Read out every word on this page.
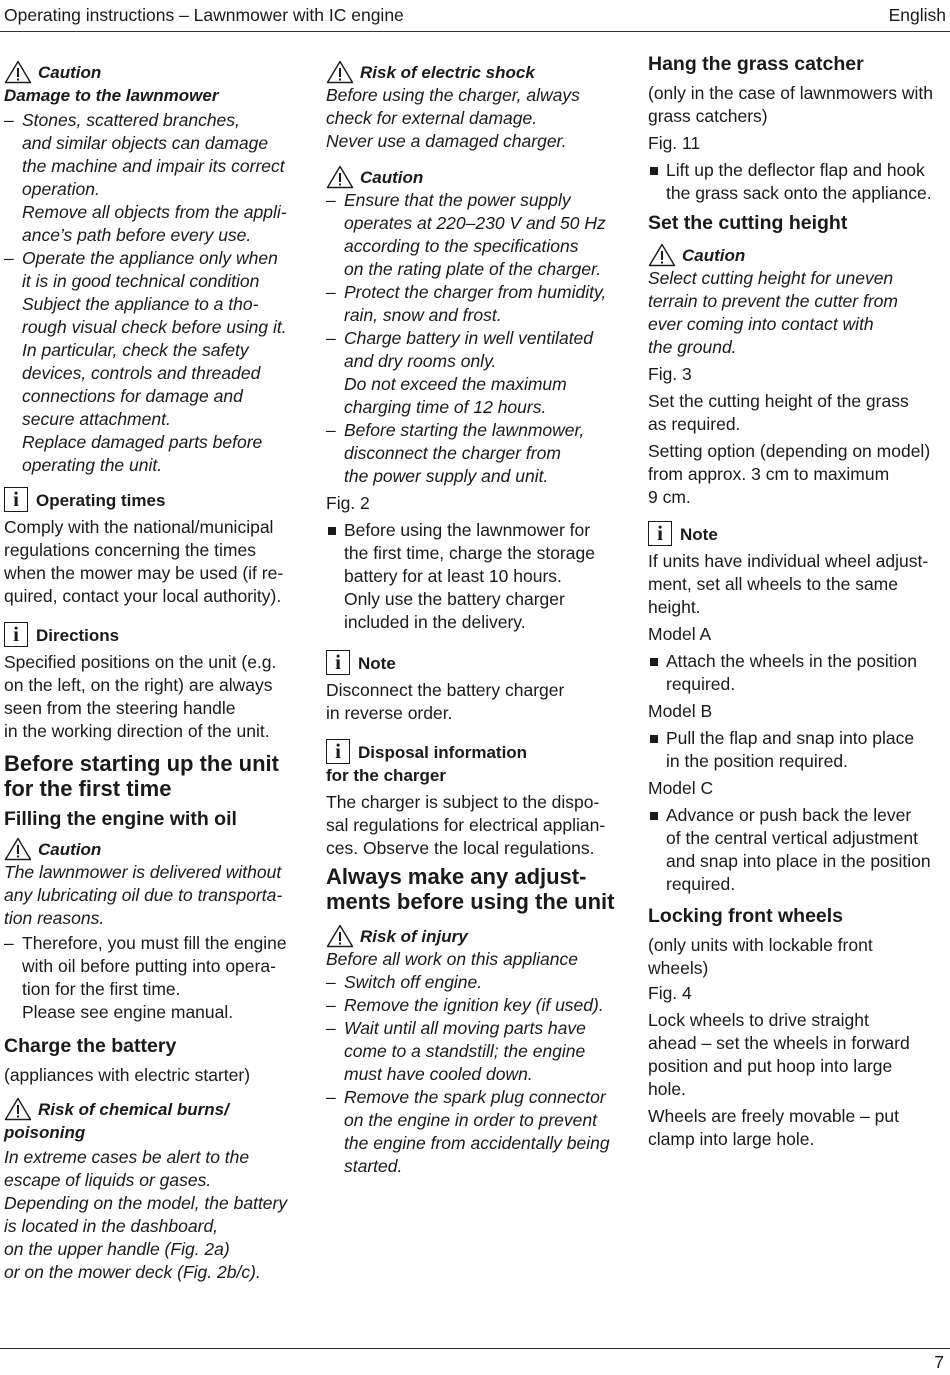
Operating instructions – Lawnmower with IC engine	English
7
Caution

Damage to the lawnmower

– Stones, scattered branches,
and similar objects can damage
the machine and impair its correct
operation.
Remove all objects from the appli-
ance’s path before every use.
– Operate the appliance only when
it is in good technical condition
Subject the appliance to a tho-
rough visual check before using it.
In particular, check the safety
devices, controls and threaded
connections for damage and
secure attachment.
Replace damaged parts before
operating the unit.
i	Operating times
Comply with the national/municipal
regulations concerning the times
when the mower may be used (if re-
quired, contact your local authority).
i	Directions
Specified positions on the unit (e.g.
on the left, on the right) are always
seen from the steering handle
in the working direction of the unit.
Before starting up the unit
for the first time
Filling the engine with oil
Caution
The lawnmower is delivered without
any lubricating oil due to transporta-
tion reasons.
– Therefore, you must fill the engine
with oil before putting into opera-
tion for the first time.
Please see engine manual.
Charge the battery

(appliances with electric starter)

Risk of chemical burns/

poisoning

In extreme cases be alert to the
escape of liquids or gases.
Depending on the model, the battery
is located in the dashboard,
on the upper handle (Fig. 2a)
or on the mower deck (Fig. 2b/c).
Risk of electric shock
Before using the charger, always
check for external damage.
Never use a damaged charger.
Caution
– Ensure that the power supply
operates at 220–230 V and 50 Hz
according to the specifications
on the rating plate of the charger.
– Protect the charger from humidity,
rain, snow and frost.
– Charge battery in well ventilated
and dry rooms only.
Do not exceed the maximum
charging time of 12 hours.
– Before starting the lawnmower,
disconnect the charger from
the power supply and unit.

Fig. 2

Before using the lawnmower for
the first time, charge the storage
battery for at least 10 hours.
Only use the battery charger
included in the delivery.
i	Note
Disconnect the battery charger
in reverse order.
i	Disposal information

for the charger

The charger is subject to the dispo-
sal regulations for electrical applian-
ces. Observe the local regulations.
Always make any adjust-
ments before using the unit
Risk of injury
Before all work on this appliance
– Switch off engine.
– Remove the ignition key (if used).
– Wait until all moving parts have
come to a standstill; the engine
must have cooled down.
– Remove the spark plug connector
on the engine in order to prevent
the engine from accidentally being
started.
Hang the grass catcher
(only in the case of lawnmowers with
grass catchers)

Fig. 11

Lift up the deflector flap and hook
the grass sack onto the appliance.
Set the cutting height
Caution
Select cutting height for uneven
terrain to prevent the cutter from
ever coming into contact with
the ground.

Fig. 3

Set the cutting height of the grass
as required.
Setting option (depending on model)
from approx. 3 cm to maximum
9 cm.
i	Note
If units have individual wheel adjust-
ment, set all wheels to the same
height.

Model A

Attach the wheels in the position
required.

Model B

Pull the flap and snap into place
in the position required.

Model C

Advance or push back the lever
of the central vertical adjustment
and snap into place in the position
required.
Locking front wheels
(only units with lockable front
wheels)

Fig. 4

Lock wheels to drive straight
ahead – set the wheels in forward
position and put hoop into large
hole.
Wheels are freely movable – put
clamp into large hole.
